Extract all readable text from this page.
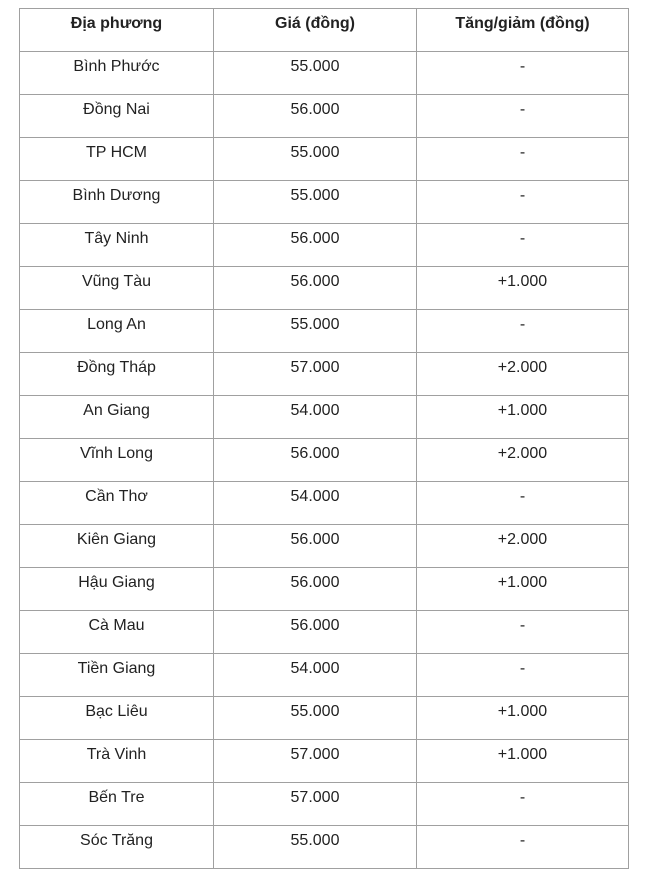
Địa phương	Giá (đồng)	Tăng/giảm (đồng)
Bình Phước	55.000	-
Đồng Nai	56.000	-
TP HCM	55.000	-
Bình Dương	55.000	-
Tây Ninh	56.000	-
Vũng Tàu	56.000	+1.000
Long An	55.000	-
Đồng Tháp	57.000	+2.000
An Giang	54.000	+1.000
Vĩnh Long	56.000	+2.000
Cần Thơ	54.000	-
Kiên Giang	56.000	+2.000
Hậu Giang	56.000	+1.000
Cà Mau	56.000	-
Tiền Giang	54.000	-
Bạc Liêu	55.000	+1.000
Trà Vinh	57.000	+1.000
Bến Tre	57.000	-
Sóc Trăng	55.000	-
